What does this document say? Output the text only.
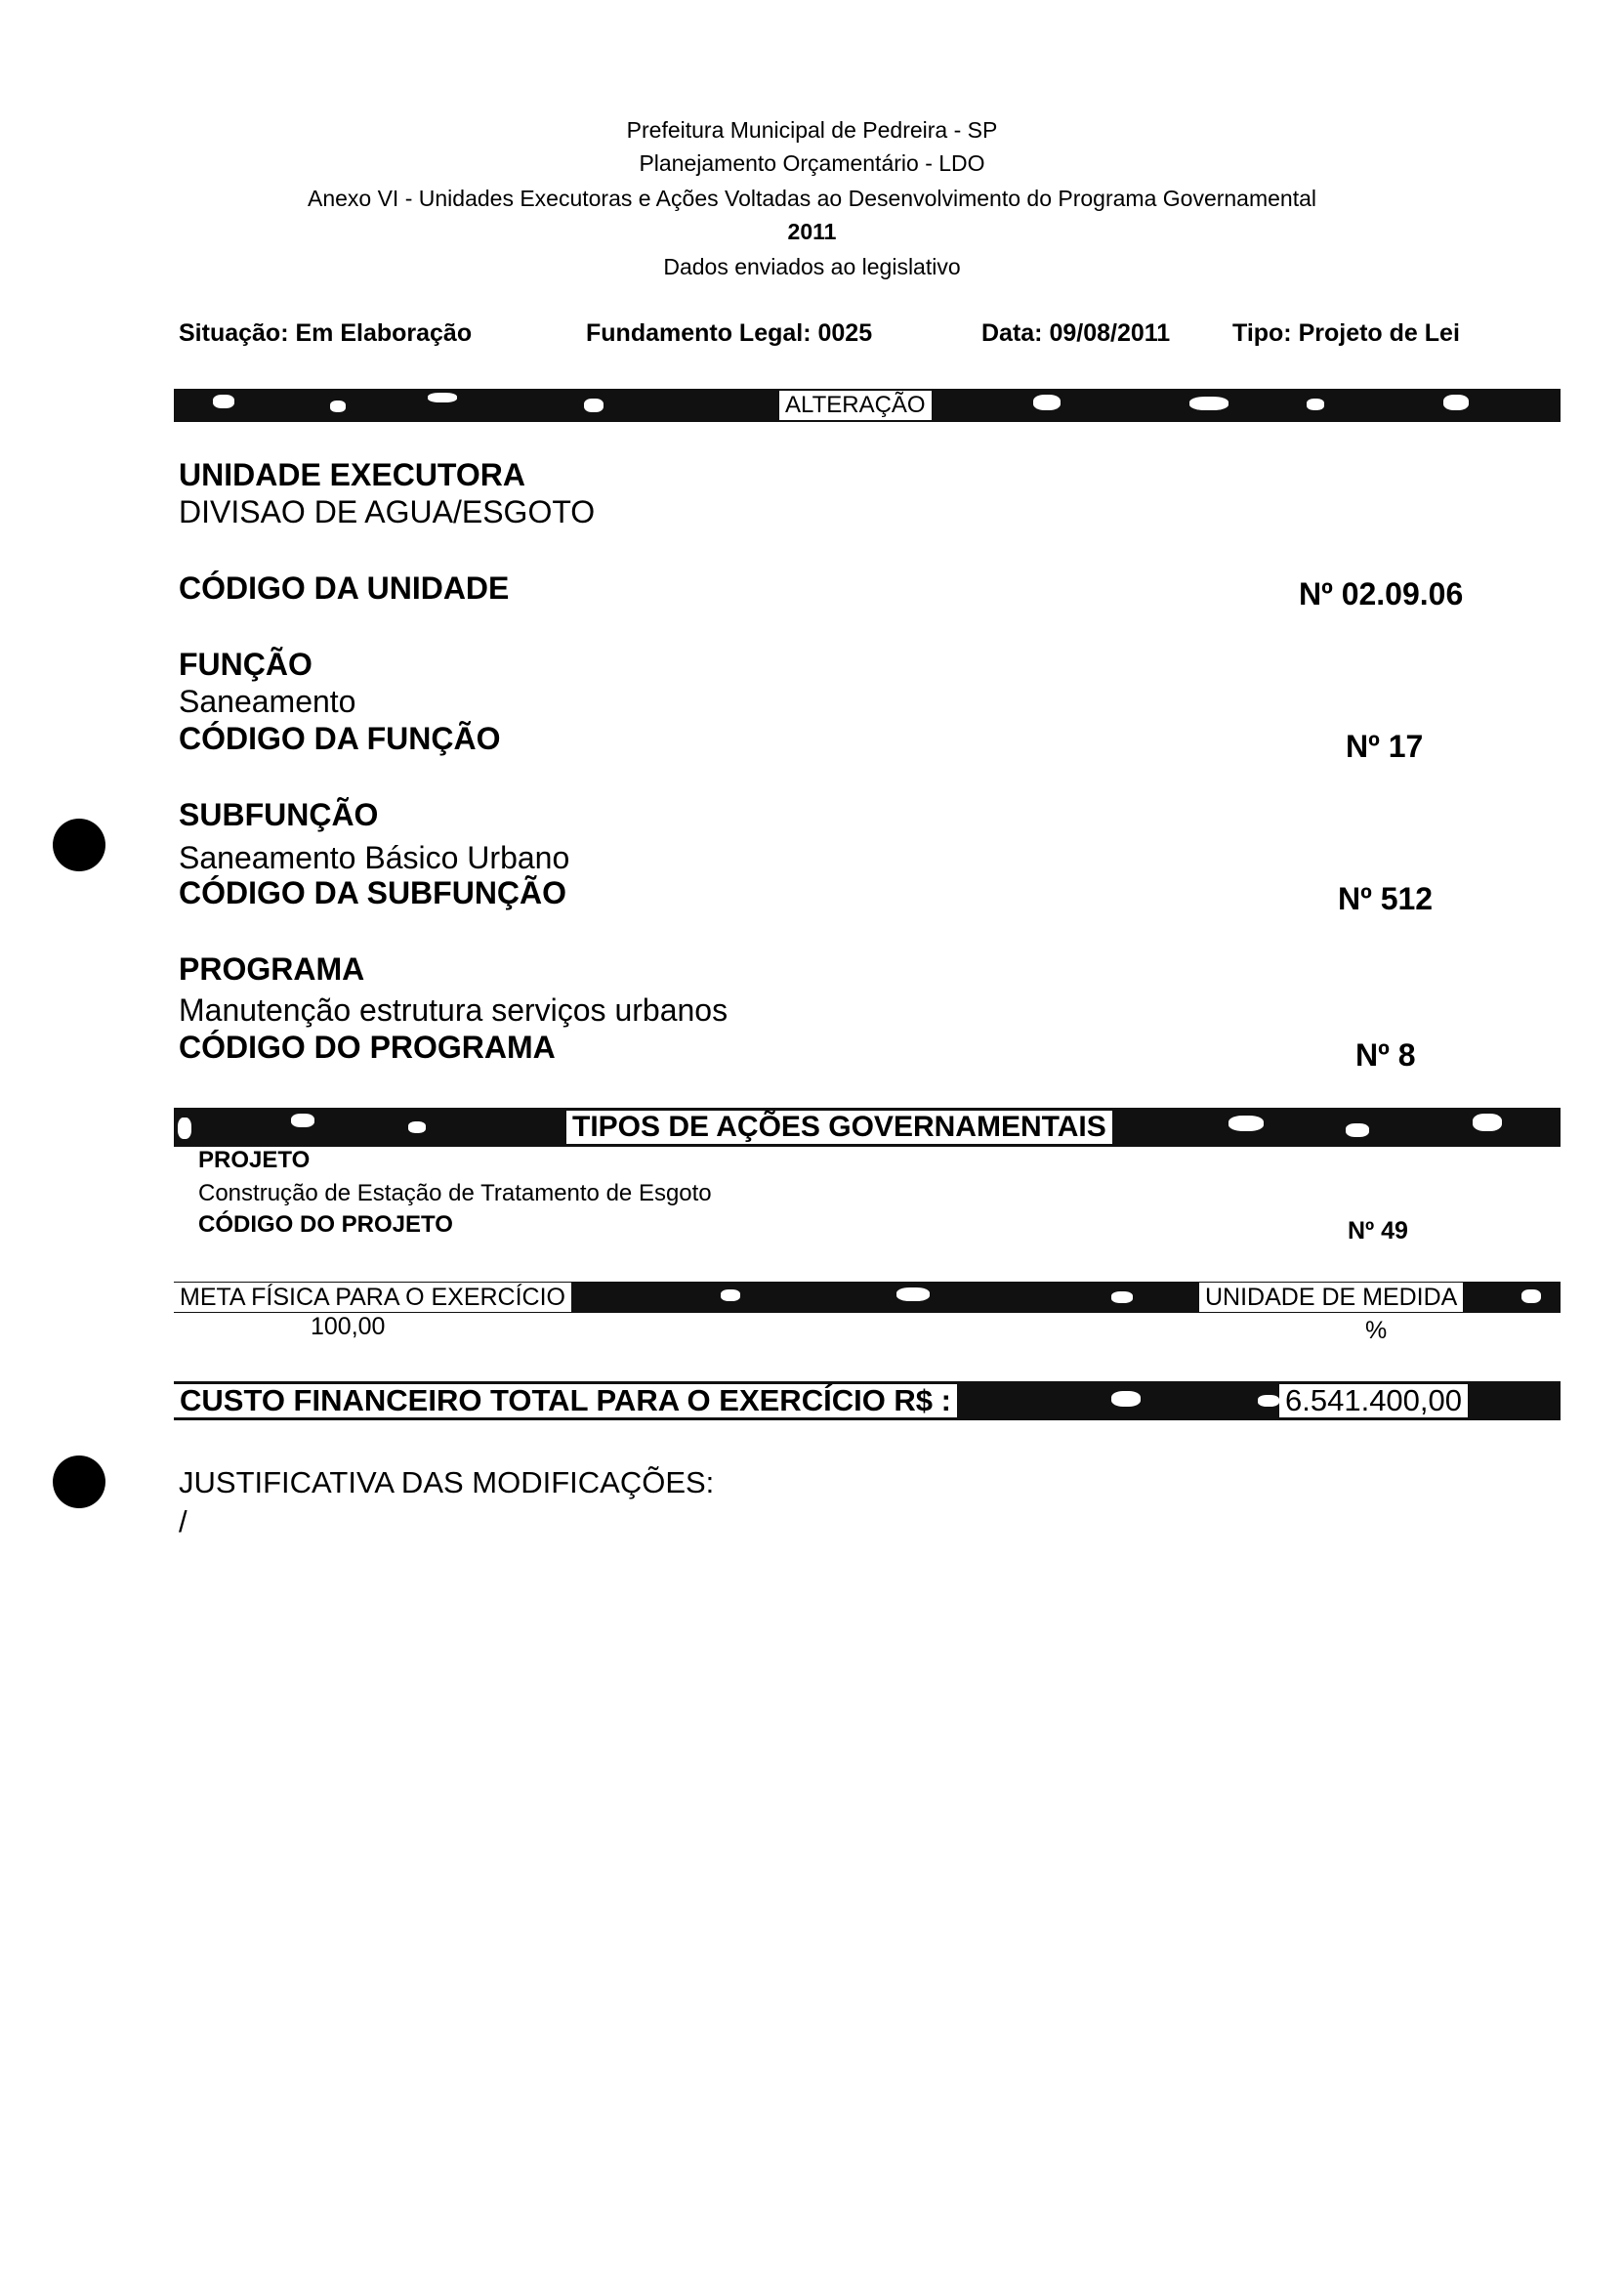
Prefeitura Municipal de Pedreira - SP
Planejamento Orçamentário - LDO
Anexo VI - Unidades Executoras e Ações Voltadas ao Desenvolvimento do Programa Governamental
2011
Dados enviados ao legislativo
Situação: Em Elaboração	Fundamento Legal: 0025	Data: 09/08/2011	Tipo: Projeto de Lei
ALTERAÇÃO
UNIDADE EXECUTORA
DIVISAO DE AGUA/ESGOTO
CÓDIGO DA UNIDADE	Nº 02.09.06
FUNÇÃO
Saneamento
CÓDIGO DA FUNÇÃO	Nº 17
SUBFUNÇÃO
Saneamento Básico Urbano
CÓDIGO DA SUBFUNÇÃO	Nº 512
PROGRAMA
Manutenção estrutura serviços urbanos
CÓDIGO DO PROGRAMA	Nº 8
TIPOS DE AÇÕES GOVERNAMENTAIS
PROJETO
Construção de Estação de Tratamento de Esgoto
CÓDIGO DO PROJETO	Nº 49
META FÍSICA PARA O EXERCÍCIO	UNIDADE DE MEDIDA
100,00	%
CUSTO FINANCEIRO TOTAL PARA O EXERCÍCIO R$ :	6.541.400,00
JUSTIFICATIVA DAS MODIFICAÇÕES:
/
